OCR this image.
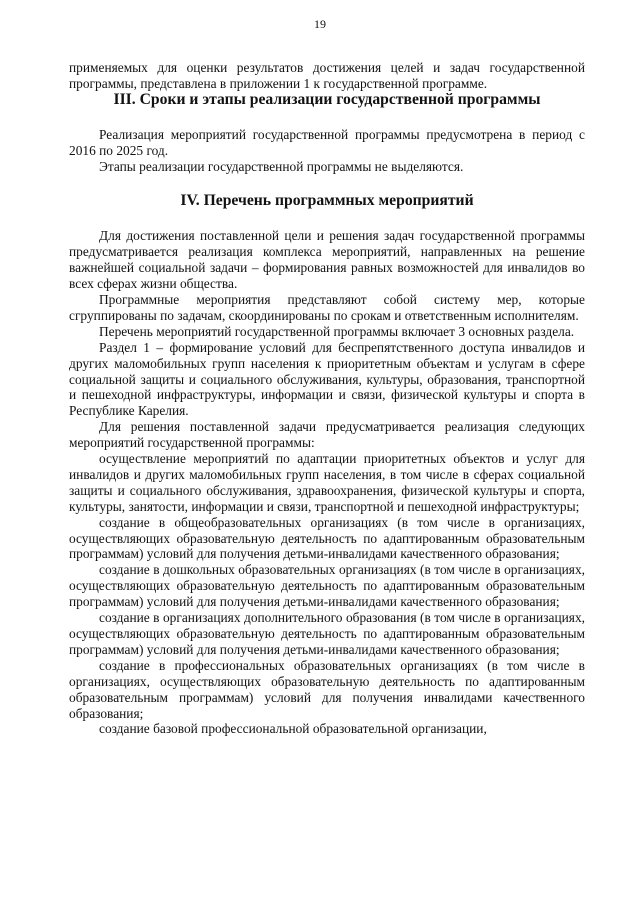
19

применяемых для оценки результатов достижения целей и задач государственной программы, представлена в приложении 1 к государственной программе.

III. Сроки и этапы реализации государственной программы

Реализация мероприятий государственной программы предусмотрена в период с 2016 по 2025 год.

Этапы реализации государственной программы не выделяются.

IV. Перечень программных мероприятий

Для достижения поставленной цели и решения задач государственной программы предусматривается реализация комплекса мероприятий, направленных на решение важнейшей социальной задачи – формирования равных возможностей для инвалидов во всех сферах жизни общества.

Программные мероприятия представляют собой систему мер, которые сгруппированы по задачам, скоординированы по срокам и ответственным исполнителям.

Перечень мероприятий государственной программы включает 3 основных раздела.

Раздел 1 – формирование условий для беспрепятственного доступа инвалидов и других маломобильных групп населения к приоритетным объектам и услугам в сфере социальной защиты и социального обслуживания, культуры, образования, транспортной и пешеходной инфраструктуры, информации и связи, физической культуры и спорта в Республике Карелия.

Для решения поставленной задачи предусматривается реализация следующих мероприятий государственной программы:

осуществление мероприятий по адаптации приоритетных объектов и услуг для инвалидов и других маломобильных групп населения, в том числе в сферах социальной защиты и социального обслуживания, здравоохранения, физической культуры и спорта, культуры, занятости, информации и связи, транспортной и пешеходной инфраструктуры;

создание в общеобразовательных организациях (в том числе в организациях, осуществляющих образовательную деятельность по адаптированным образовательным программам) условий для получения детьми-инвалидами качественного образования;

создание в дошкольных образовательных организациях (в том числе в организациях, осуществляющих образовательную деятельность по адаптированным образовательным программам) условий для получения детьми-инвалидами качественного образования;

создание в организациях дополнительного образования (в том числе в организациях, осуществляющих образовательную деятельность по адаптированным образовательным программам) условий для получения детьми-инвалидами качественного образования;

создание в профессиональных образовательных организациях (в том числе в организациях, осуществляющих образовательную деятельность по адаптированным образовательным программам) условий для получения инвалидами качественного образования;

создание базовой профессиональной образовательной организации,
